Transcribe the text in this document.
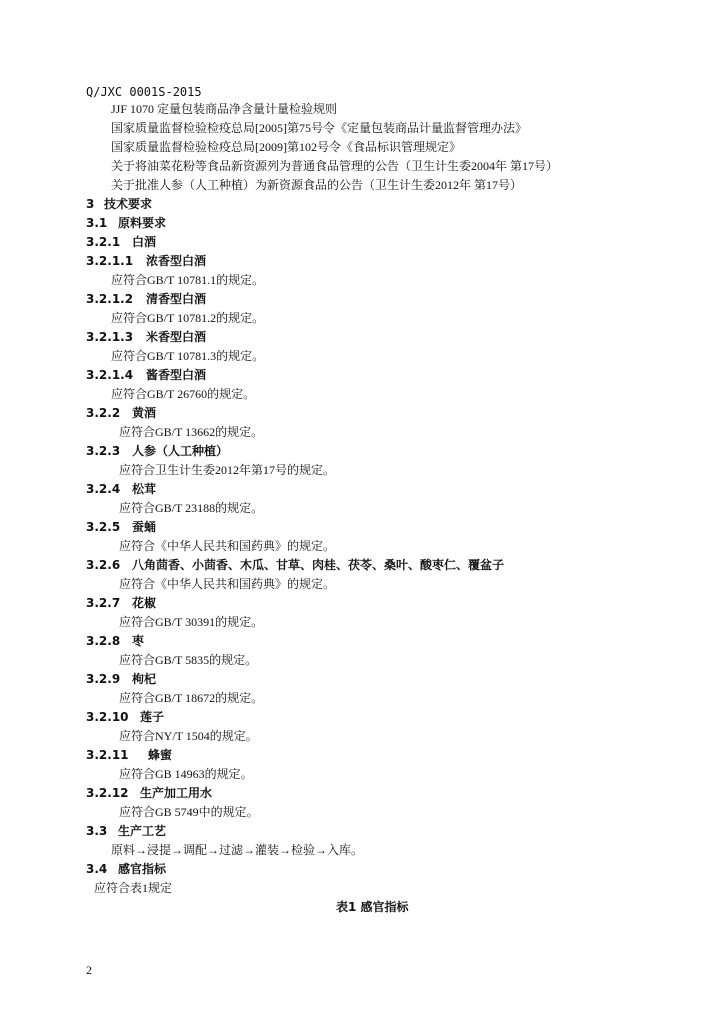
Q/JXC 0001S-2015
JJF 1070 定量包装商品净含量计量检验规则
国家质量监督检验检疫总局[2005]第75号令《定量包装商品计量监督管理办法》
国家质量监督检验检疫总局[2009]第102号令《食品标识管理规定》
关于将油菜花粉等食品新资源列为普通食品管理的公告（卫生计生委2004年 第17号）
关于批准人参（人工种植）为新资源食品的公告（卫生计生委2012年 第17号）
3 技术要求
3.1 原料要求
3.2.1 白酒
3.2.1.1 浓香型白酒
应符合GB/T 10781.1的规定。
3.2.1.2 清香型白酒
应符合GB/T 10781.2的规定。
3.2.1.3 米香型白酒
应符合GB/T 10781.3的规定。
3.2.1.4 酱香型白酒
应符合GB/T 26760的规定。
3.2.2 黄酒
应符合GB/T 13662的规定。
3.2.3 人参（人工种植）
应符合卫生计生委2012年第17号的规定。
3.2.4 松茸
应符合GB/T 23188的规定。
3.2.5 蚕蛹
应符合《中华人民共和国药典》的规定。
3.2.6 八角茴香、小茴香、木瓜、甘草、肉桂、茯苓、桑叶、酸枣仁、覆盆子
应符合《中华人民共和国药典》的规定。
3.2.7 花椒
应符合GB/T 30391的规定。
3.2.8 枣
应符合GB/T 5835的规定。
3.2.9 枸杞
应符合GB/T 18672的规定。
3.2.10 莲子
应符合NY/T 1504的规定。
3.2.11 蜂蜜
应符合GB 14963的规定。
3.2.12 生产加工用水
应符合GB 5749中的规定。
3.3 生产工艺
原料→浸提→调配→过滤→灌装→检验→入库。
3.4 感官指标
应符合表1规定
表1 感官指标
2
